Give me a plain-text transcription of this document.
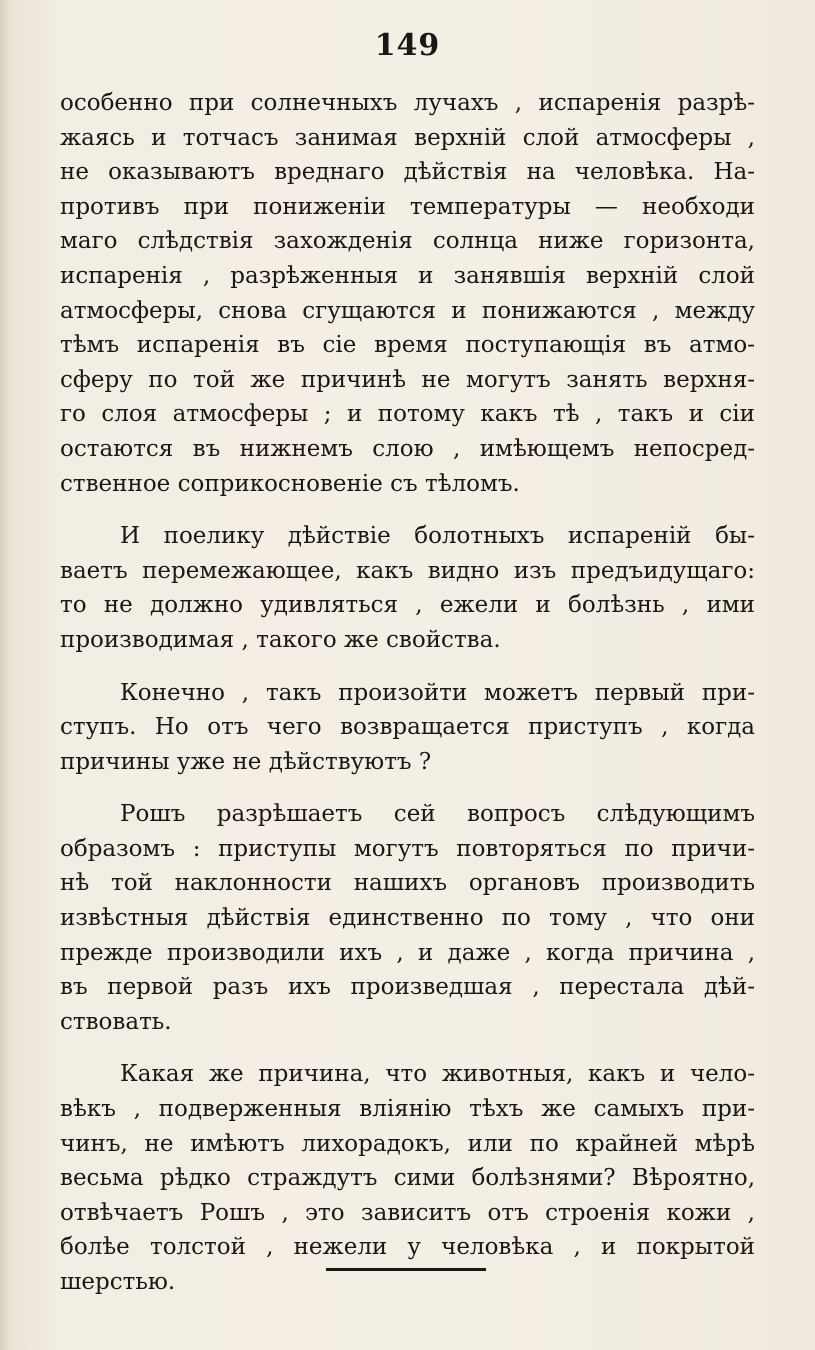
149
особенно при солнечныхъ лучахъ , испаренія разрѣ-
жаясь и тотчасъ занимая верхній слой атмосферы ,
не оказываютъ вреднаго дѣйствія на человѣка. На-
противъ при пониженіи температуры — необходи
маго слѣдствія захожденія солнца ниже горизонта,
испаренія , разрѣженныя и занявшія верхній слой
атмосферы, снова сгущаются и понижаются , между
тѣмъ испаренія въ сіе время поступающія въ атмо-
сферу по той же причинѣ не могутъ занять верхня-
го слоя атмосферы ; и потому какъ тѣ , такъ и сіи
остаются въ нижнемъ слою , имѣющемъ непосред-
ственное соприкосновеніе съ тѣломъ.
И поелику дѣйствіе болотныхъ испареній бы-
ваетъ перемежающее, какъ видно изъ предъидущаго:
то не должно удивляться , ежели и болѣзнь , ими
производимая , такого же свойства.
Конечно , такъ произойти можетъ первый при-
ступъ. Но отъ чего возвращается приступъ , когда
причины уже не дѣйствуютъ ?
Рошъ разрѣшаетъ сей вопросъ слѣдующимъ
образомъ : приступы могутъ повторяться по причи-
нѣ той наклонности нашихъ органовъ производить
извѣстныя дѣйствія единственно по тому , что они
прежде производили ихъ , и даже , когда причина ,
въ первой разъ ихъ произведшая , перестала дѣй-
ствовать.
Какая же причина, что животныя, какъ и чело-
вѣкъ , подверженныя вліянію тѣхъ же самыхъ при-
чинъ, не имѣютъ лихорадокъ, или по крайней мѣрѣ
весьма рѣдко страждутъ сими болѣзнями? Вѣроятно,
отвѣчаетъ Рошъ , это зависитъ отъ строенія кожи ,
болѣе толстой , нежели у человѣка , и покрытой
шерстью.
